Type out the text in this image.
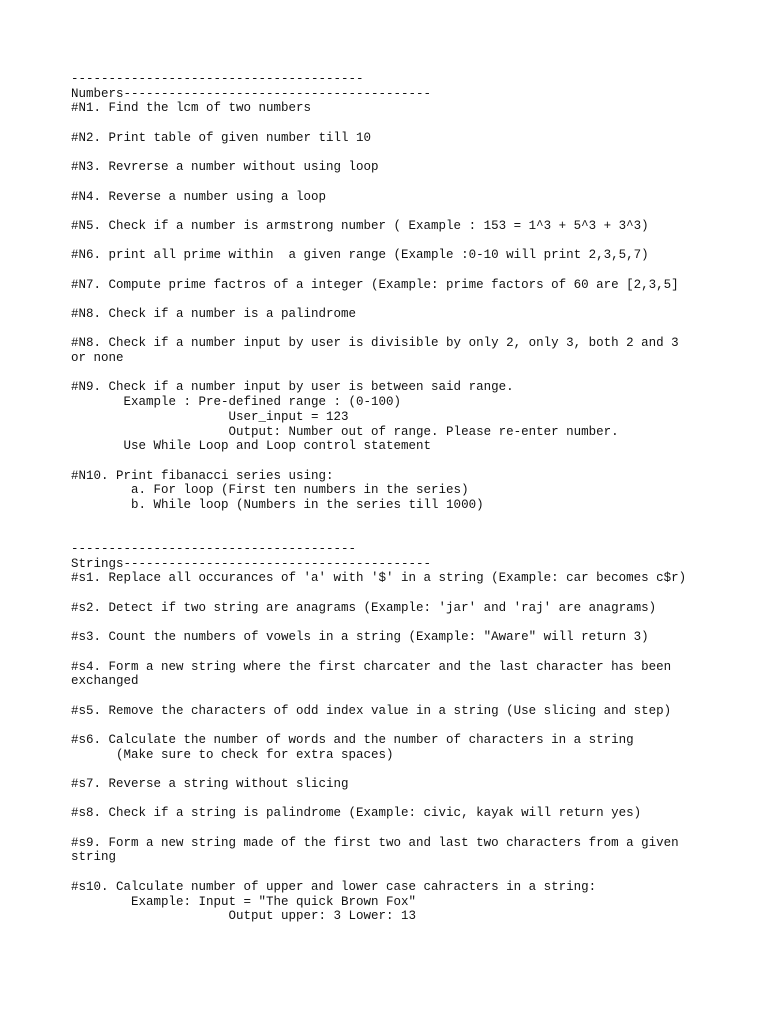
---------------------------------------
Numbers-----------------------------------------
#N1. Find the lcm of two numbers
#N2. Print table of given number till 10
#N3. Revrerse a number without using loop
#N4. Reverse a number using a loop
#N5. Check if a number is armstrong number ( Example : 153 = 1^3 + 5^3 + 3^3)
#N6. print all prime within  a given range (Example :0-10 will print 2,3,5,7)
#N7. Compute prime factros of a integer (Example: prime factors of 60 are [2,3,5]
#N8. Check if a number is a palindrome
#N8. Check if a number input by user is divisible by only 2, only 3, both 2 and 3
or none
#N9. Check if a number input by user is between said range.
Example : Pre-defined range : (0-100)
User_input = 123
Output: Number out of range. Please re-enter number.
Use While Loop and Loop control statement
#N10. Print fibanacci series using:
a. For loop (First ten numbers in the series)
b. While loop (Numbers in the series till 1000)
--------------------------------------
Strings-----------------------------------------
#s1. Replace all occurances of 'a' with '$' in a string (Example: car becomes c$r)
#s2. Detect if two string are anagrams (Example: 'jar' and 'raj' are anagrams)
#s3. Count the numbers of vowels in a string (Example: "Aware" will return 3)
#s4. Form a new string where the first charcater and the last character has been
exchanged
#s5. Remove the characters of odd index value in a string (Use slicing and step)
#s6. Calculate the number of words and the number of characters in a string
(Make sure to check for extra spaces)
#s7. Reverse a string without slicing
#s8. Check if a string is palindrome (Example: civic, kayak will return yes)
#s9. Form a new string made of the first two and last two characters from a given
string
#s10. Calculate number of upper and lower case cahracters in a string:
Example: Input = "The quick Brown Fox"
Output upper: 3 Lower: 13
